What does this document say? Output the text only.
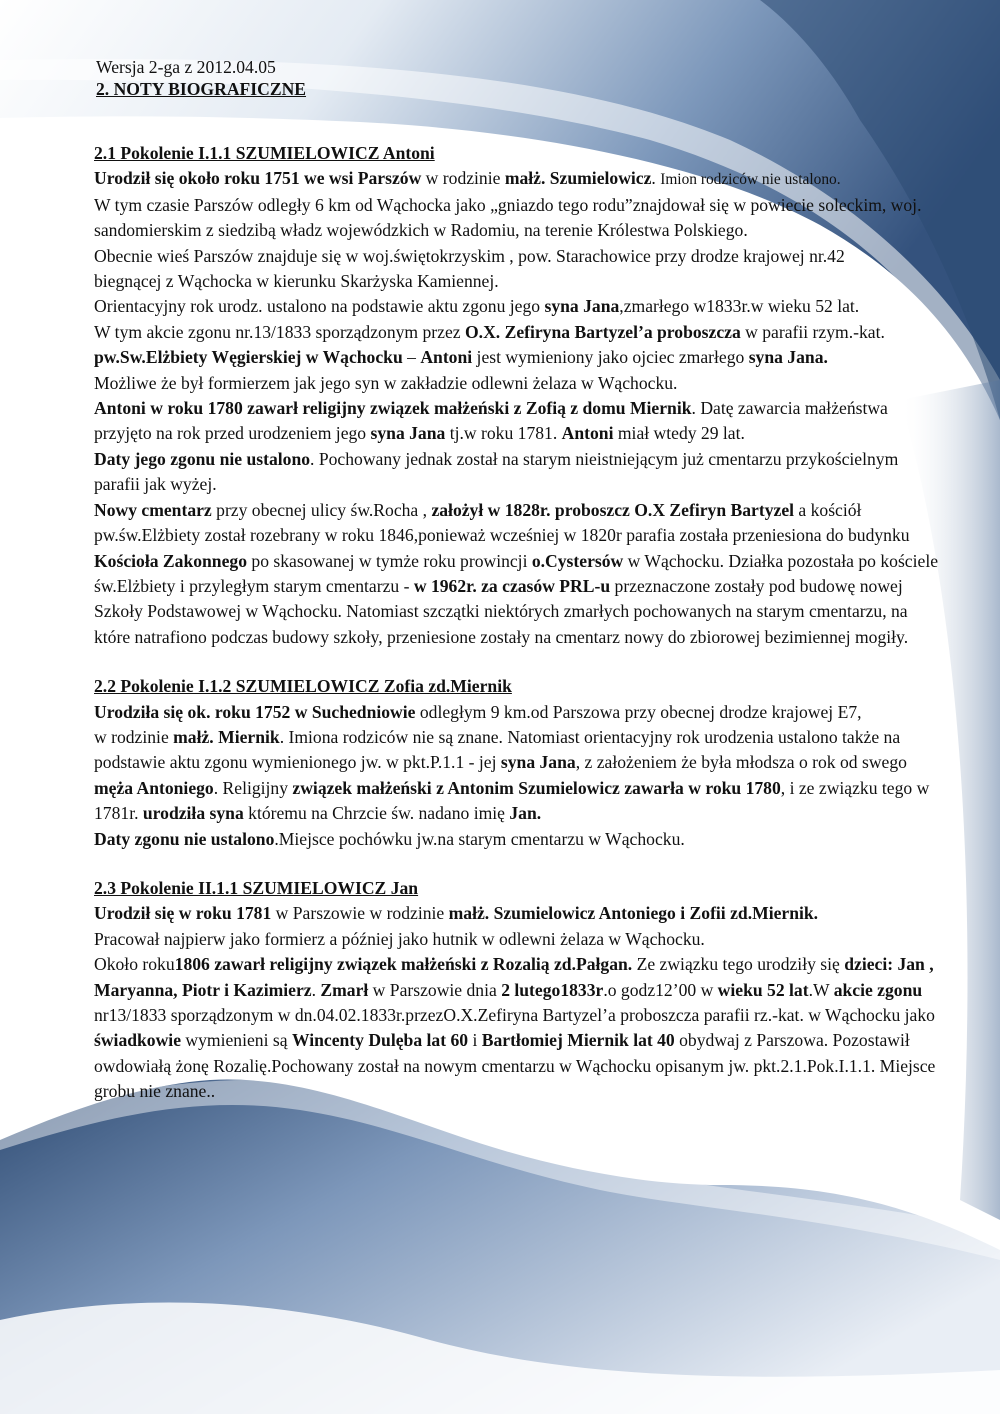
Wersja 2-ga z 2012.04.05
2. NOTY BIOGRAFICZNE
2.1 Pokolenie I.1.1 SZUMIELOWICZ Antoni

Urodził się około roku 1751 we wsi Parszów w rodzinie małż. Szumielowicz. Imion rodziców nie ustalono.

W tym czasie Parszów odległy 6 km od Wąchocka jako „gniazdo tego rodu”znajdował się w powiecie soleckim, woj. sandomierskim z siedzibą władz wojewódzkich w Radomiu, na terenie Królestwa Polskiego.

Obecnie wieś Parszów znajduje się w woj.świętokrzyskim , pow. Starachowice przy drodze krajowej nr.42

biegnącej z Wąchocka w kierunku Skarżyska Kamiennej.

Orientacyjny rok urodz. ustalono na podstawie aktu zgonu jego syna Jana,zmarłego w1833r.w wieku 52 lat.

W tym akcie zgonu nr.13/1833 sporządzonym przez O.X. Zefiryna Bartyzel’a proboszcza w parafii rzym.-kat. pw.Sw.Elżbiety Węgierskiej w Wąchocku – Antoni jest wymieniony jako ojciec zmarłego syna Jana.

Możliwe że był formierzem jak jego syn w zakładzie odlewni żelaza w Wąchocku.

Antoni w roku 1780 zawarł religijny związek małżeński z Zofią z domu Miernik. Datę zawarcia małżeństwa przyjęto na rok przed urodzeniem jego syna Jana tj.w roku 1781. Antoni miał wtedy 29 lat.

Daty jego zgonu nie ustalono. Pochowany jednak został na starym nieistniejącym już cmentarzu przykościelnym parafii jak wyżej.

Nowy cmentarz przy obecnej ulicy św.Rocha , założył w 1828r. proboszcz O.X Zefiryn Bartyzel a kościół pw.św.Elżbiety został rozebrany w roku 1846,ponieważ wcześniej w 1820r parafia została przeniesiona do budynku Kościoła Zakonnego po skasowanej w tymże roku prowincji o.Cystersów w Wąchocku. Działka pozostała po kościele św.Elżbiety i przyległym starym cmentarzu - w 1962r. za czasów PRL-u przeznaczone zostały pod budowę nowej Szkoły Podstawowej w Wąchocku. Natomiast szczątki niektórych zmarłych pochowanych na starym cmentarzu, na które natrafiono podczas budowy szkoły, przeniesione zostały na cmentarz nowy do zbiorowej bezimiennej mogiły.

2.2 Pokolenie I.1.2 SZUMIELOWICZ Zofia zd.Miernik

Urodziła się ok. roku 1752 w Suchedniowie odległym 9 km.od Parszowa przy obecnej drodze krajowej E7,

w rodzinie małż. Miernik. Imiona rodziców nie są znane. Natomiast orientacyjny rok urodzenia ustalono także na podstawie aktu zgonu wymienionego jw. w pkt.P.1.1 - jej syna Jana, z założeniem że była młodsza o rok od swego męża Antoniego. Religijny związek małżeński z Antonim Szumielowicz zawarła w roku 1780, i ze związku tego w 1781r. urodziła syna któremu na Chrzcie św. nadano imię Jan.

Daty zgonu nie ustalono.Miejsce pochówku jw.na starym cmentarzu w Wąchocku.

2.3 Pokolenie II.1.1 SZUMIELOWICZ Jan

Urodził się w roku 1781 w Parszowie w rodzinie małż. Szumielowicz Antoniego i Zofii zd.Miernik.

Pracował najpierw jako formierz a później jako hutnik w odlewni żelaza w Wąchocku.

Około roku1806 zawarł religijny związek małżeński z Rozalią zd.Pałgan. Ze związku tego urodziły się dzieci: Jan , Maryanna, Piotr i Kazimierz. Zmarł w Parszowie dnia 2 lutego1833r.o godz12’00 w wieku 52 lat.W akcie zgonu nr13/1833 sporządzonym w dn.04.02.1833r.przezO.X.Zefiryna Bartyzel’a proboszcza parafii rz.-kat. w Wąchocku jako świadkowie wymienieni są Wincenty Dulęba lat 60 i Bartłomiej Miernik lat 40 obydwaj z Parszowa. Pozostawił owdowiałą żonę Rozalię.Pochowany został na nowym cmentarzu w Wąchocku opisanym jw. pkt.2.1.Pok.I.1.1. Miejsce grobu nie znane..
